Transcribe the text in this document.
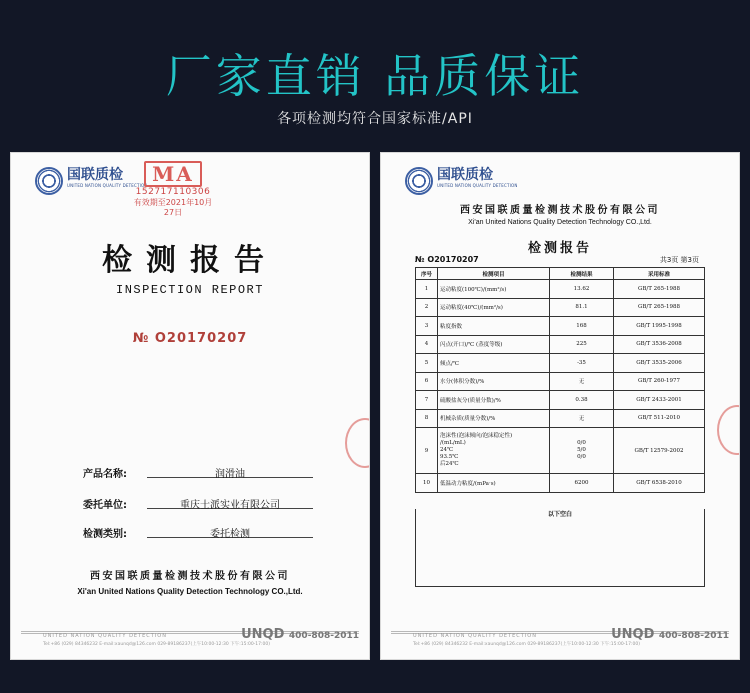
厂家直销 品质保证
各项检测均符合国家标准/API
国联质检
UNITED NATION QUALITY DETECTION MA
152717110306
有效期至2021年10月27日
检测报告
INSPECTION REPORT
№ O20170207
产品名称:	润滑油
委托单位:	重庆士派实业有限公司
检测类别:	委托检测
西安国联质量检测技术股份有限公司
Xi'an United Nations Quality Detection Technology CO.,Ltd.
UNITED NATION QUALITY DETECTION	UNQD 400-808-2011
Tel:+86 (029) 84346232 E-mail:xaunqd@126.com 029-89186237(上午10:00-12:30 下午:15:00-17:00)
国联质检
UNITED NATION QUALITY DETECTION
西安国联质量检测技术股份有限公司
Xi'an United Nations Quality Detection Technology CO.,Ltd.
检测报告
№ O20170207	共3页 第3页
序号	检测项目	检测结果	采用标准
1	运动粘度(100℃)/(mm²/s)	13.62	GB/T 265-1988
2	运动粘度(40℃)/(mm²/s)	81.1	GB/T 265-1988
3	粘度指数	168	GB/T 1995-1998
4	闪点(开口)/℃ (蒸度等级)	225	GB/T 3536-2008
5	倾点/℃	-35	GB/T 3535-2006
6	水分(体积分数)/%	无	GB/T 260-1977
7	硫酸盐灰分(质量分数)/%	0.38	GB/T 2433-2001
8	机械杂质(质量分数)/%	无	GB/T 511-2010
9	泡沫性(泡沫倾向/泡沫稳定性)
/(mL/mL)
24℃
93.5℃
后24℃	0/0
5/0
0/0	GB/T 12579-2002
10	低温动力粘度/(mPa·s)	6200	GB/T 6538-2010
以下空白
UNITED NATION QUALITY DETECTION	UNQD 400-808-2011
Tel:+86 (029) 84346232 E-mail:xaunqd@126.com 029-89186237(上午10:00-12:30 下午:15:00-17:00)
